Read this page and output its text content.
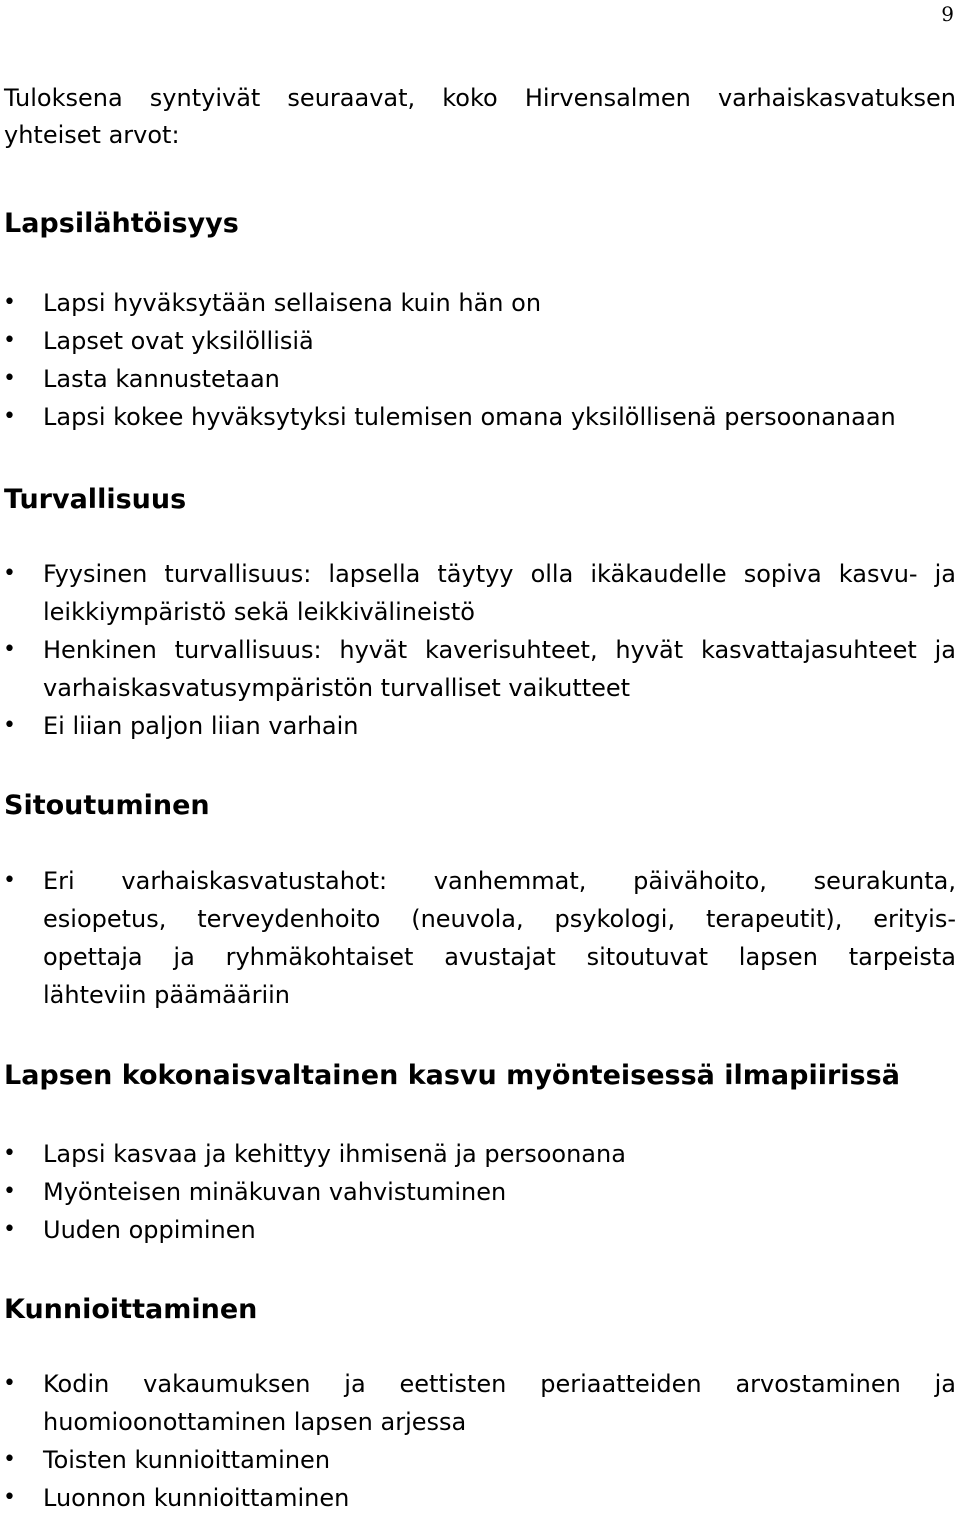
9
Tuloksena syntyivät seuraavat, koko Hirvensalmen varhaiskasvatuksen
yhteiset arvot:
Lapsilähtöisyys
• Lapsi hyväksytään sellaisena kuin hän on
• Lapset ovat yksilöllisiä
• Lasta kannustetaan
• Lapsi kokee hyväksytyksi tulemisen omana yksilöllisenä persoonanaan
Turvallisuus
• Fyysinen turvallisuus: lapsella täytyy olla ikäkaudelle sopiva kasvu- ja
leikkiympäristö sekä leikkivälineistö
• Henkinen turvallisuus: hyvät kaverisuhteet, hyvät kasvattajasuhteet ja
varhaiskasvatusympäristön turvalliset vaikutteet
• Ei liian paljon liian varhain
Sitoutuminen
• Eri varhaiskasvatustahot: vanhemmat, päivähoito, seurakunta,
esiopetus, terveydenhoito (neuvola, psykologi, terapeutit), erityis-
opettaja ja ryhmäkohtaiset avustajat sitoutuvat lapsen tarpeista
lähteviin päämääriin
Lapsen kokonaisvaltainen kasvu myönteisessä ilmapiirissä
• Lapsi kasvaa ja kehittyy ihmisenä ja persoonana
• Myönteisen minäkuvan vahvistuminen
• Uuden oppiminen
Kunnioittaminen
• Kodin vakaumuksen ja eettisten periaatteiden arvostaminen ja
huomioonottaminen lapsen arjessa
• Toisten kunnioittaminen
• Luonnon kunnioittaminen
